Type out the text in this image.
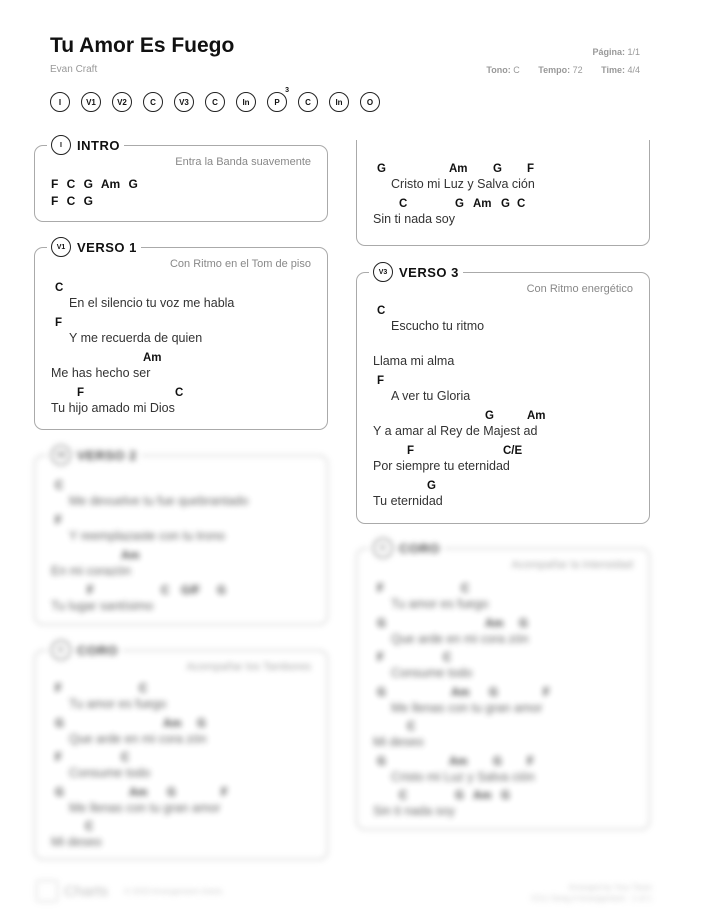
Tu Amor Es Fuego
Evan Craft
Página: 1/1
Tono: C Tempo: 72 Time: 4/4
I	V1	V2	C	V3	C	In	P
3
C	In	O
I	INTRO
Entra la Banda suavemente
F C G Am G
F C G
V1 VERSO 1
Con Ritmo en el Tom de piso
C
En el silencio tu voz me habla
F
Y me recuerda de quien
Am
Me has hecho ser
F	C
Tu hijo amado mi Dios
V2 VERSO 2
C
Me devuelve tu fue quebrantado
F
Y reemplazaste con tu trono
Am
En mi corazón
F	C G/F G
Tu lugar santísimo
C	CORO
Acompañar los Tambores
F	C
Tu amor es fuego
G	Am G
Que arde en mi cora zón
F	C
Consume todo
G	Am G	F
Me llenas con tu gran amor
C
Mi deseo
G	Am G F
Cristo mi Luz y Salva ción
C	G Am G C
Sin ti nada soy
V3 VERSO 3
Con Ritmo energético
C
Escucho tu ritmo
Llama mi alma
F
A ver tu Gloria
G	Am
Y a amar al Rey de Majest ad
F	C/E
Por siempre tu eternidad
G
Tu eternidad
C	CORO
Acompañar la Intensidad
F	C
Tu amor es fuego
G	Am G
Que arde en mi cora zón
F	C
Consume todo
G	Am G	F
Me llenas con tu gran amor
C
Mi deseo
G	Am G F
Cristo mi Luz y Salva ción
C	G Am G
Sin ti nada soy
Charts © 2023 Arrangement charts	Arranged by Your Team
CCLI Song # Arrangement · 1 of 1
